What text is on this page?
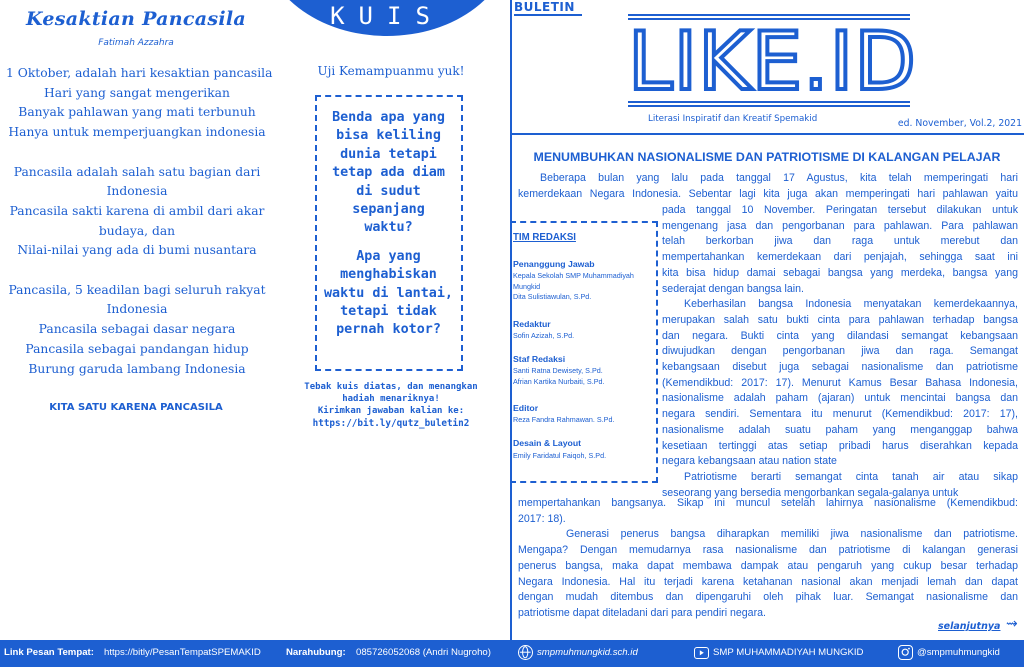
Kesaktian Pancasila
Fatimah Azzahra
1 Oktober, adalah hari kesaktian pancasila
Hari yang sangat mengerikan
Banyak pahlawan yang mati terbunuh
Hanya untuk memperjuangkan indonesia
Pancasila adalah salah satu bagian dari
Indonesia
Pancasila sakti karena di ambil dari akar
budaya, dan
Nilai-nilai yang ada di bumi nusantara
Pancasila, 5 keadilan bagi seluruh rakyat
Indonesia
Pancasila sebagai dasar negara
Pancasila sebagai pandangan hidup
Burung garuda lambang Indonesia
KITA SATU KARENA PANCASILA
KUIS
Uji Kemampuanmu yuk!
Benda apa yang
bisa keliling
dunia tetapi
tetap ada diam
di sudut
sepanjang
waktu?
Apa yang
menghabiskan
waktu di lantai,
tetapi tidak
pernah kotor?
Tebak kuis diatas, dan menangkan
hadiah menariknya!
Kirimkan jawaban kalian ke:
https://bit.ly/qutz_buletin2
BULETIN
LIKE.ID
Literasi Inspiratif dan Kreatif Spemakid	ed. November, Vol.2, 2021
MENUMBUHKAN NASIONALISME DAN PATRIOTISME DI KALANGAN PELAJAR
Beberapa bulan yang lalu pada tanggal 17 Agustus, kita telah memperingati hari
kemerdekaan Negara Indonesia. Sebentar lagi kita juga akan memperingati hari pahlawan yaitu
pada tanggal 10 November. Peringatan tersebut dilakukan untuk
mengenang jasa dan pengorbanan para pahlawan. Para pahlawan
telah berkorban jiwa dan raga untuk merebut dan
mempertahankan kemerdekaan dari penjajah, sehingga saat ini
kita bisa hidup damai sebagai bangsa yang merdeka, bangsa yang
sederajat dengan bangsa lain.
Keberhasilan bangsa Indonesia menyatakan kemerdekaannya,
merupakan salah satu bukti cinta para pahlawan terhadap bangsa
dan negara. Bukti cinta yang dilandasi semangat kebangsaan
diwujudkan dengan pengorbanan jiwa dan raga. Semangat
kebangsaan disebut juga sebagai nasionalisme dan patriotisme
(Kemendikbud: 2017: 17). Menurut Kamus Besar Bahasa Indonesia,
nasionalisme adalah paham (ajaran) untuk mencintai bangsa dan
negara sendiri. Sementara itu menurut (Kemendikbud: 2017: 17),
nasionalisme adalah suatu paham yang menganggap bahwa
kesetiaan tertinggi atas setiap pribadi harus diserahkan kepada
negara kebangsaan atau nation state
Patriotisme berarti semangat cinta tanah air atau sikap
seseorang yang bersedia mengorbankan segala-galanya untuk
mempertahankan bangsanya. Sikap ini muncul setelah lahirnya nasionalisme (Kemendikbud:
2017: 18).
Generasi penerus bangsa diharapkan memiliki jiwa nasionalisme dan patriotisme.
Mengapa? Dengan memudarnya rasa nasionalisme dan patriotisme di kalangan generasi
penerus bangsa, maka dapat membawa dampak atau pengaruh yang cukup besar terhadap
Negara Indonesia. Hal itu terjadi karena ketahanan nasional akan menjadi lemah dan dapat
dengan mudah ditembus dan dipengaruhi oleh pihak luar. Semangat nasionalisme dan
patriotisme dapat diteladani dari para pendiri negara.
TIM REDAKSI
Penanggung Jawab
Kepala Sekolah SMP Muhammadiyah
Mungkid
Dita Sulistiawulan, S.Pd.
Redaktur
Sofin Azizah, S.Pd.
Staf Redaksi
Santi Ratna Dewisety, S.Pd.
Afrian Kartika Nurbaiti, S.Pd.
Editor
Reza Fandra Rahmawan. S.Pd.
Desain & Layout
Emily Faridatul Faiqoh, S.Pd.
selanjutnya ⇝
Link Pesan Tempat: https://bitly/PesanTempatSPEMAKID	Narahubung: 085726052068 (Andri Nugroho)	smpmuhmungkid.sch.id	SMP MUHAMMADIYAH MUNGKID	@smpmuhmungkid
